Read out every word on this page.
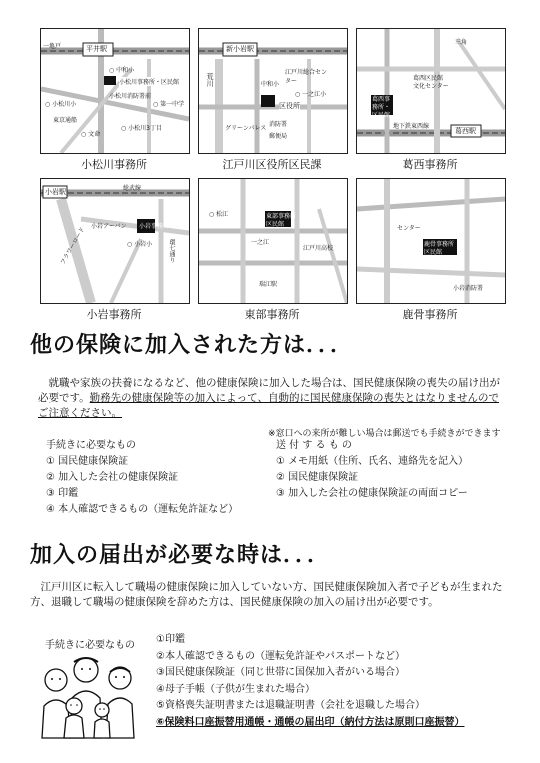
平井駅
一亀戸
小松川事務所・区民館
○ 中和小
小松川消防署前
○ 小松川小	○ 第一中学
東京通船
○ 小松川3丁目
○ 文命
小松川事務所
新小岩駅
荒川
江戸川総合センター
中和小
○ 一之江小
区役所
グリーンパレス
消防署
郵便局
江戸川区役所区民課
三角
葛西区民館
文化センター
葛西事務所・区民館
地下鉄東西線
葛西駅
葛西事務所
小岩駅	総武線
フラワーロード 小岩アーバン 小岩事務所
○ 小岩小	環七通り
小岩事務所
東部事務所
区民館
一之江
江戸川高校
瑞江駅
○ 松江
東部事務所
鹿骨事務所
区民館
センター
小岩消防署
鹿骨事務所
他の保険に加入された方は．．．
就職や家族の扶養になるなど、他の健康保険に加入した場合は、国民健康保険の喪失の届け出が必要です。勤務先の健康保険等の加入によって、自動的に国民健康保険の喪失とはなりませんのでご注意ください。
※窓口への来所が難しい場合は郵送でも手続きができます
手続きに必要なもの
① 国民健康保険証
② 加入した会社の健康保険証
③ 印鑑
④ 本人確認できるもの（運転免許証など）
送 付 す る も の
① メモ用紙（住所、氏名、連絡先を記入）
② 国民健康保険証
③ 加入した会社の健康保険証の両面コピー
加入の届出が必要な時は．．．
江戸川区に転入して職場の健康保険に加入していない方、国民健康保険加入者で子どもが生まれた方、退職して職場の健康保険を辞めた方は、国民健康保険の加入の届け出が必要です。
手続きに必要なもの
①印鑑
②本人確認できるもの（運転免許証やパスポートなど）
③国民健康保険証（同じ世帯に国保加入者がいる場合）
④母子手帳（子供が生まれた場合）
⑤資格喪失証明書または退職証明書（会社を退職した場合）
⑥保険料口座振替用通帳・通帳の届出印（納付方法は原則口座振替）
